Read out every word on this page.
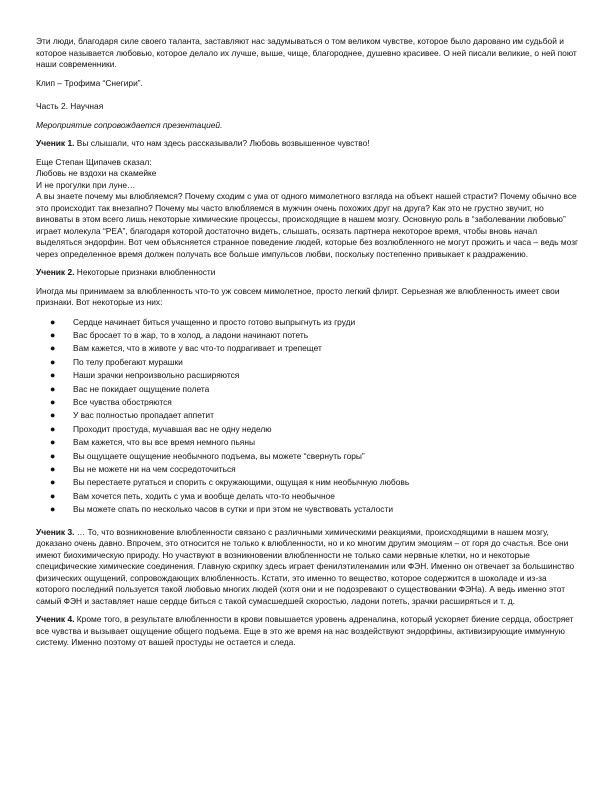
Эти люди, благодаря силе своего таланта, заставляют нас задумываться о том великом чувстве, которое было дарованo им судьбой и которое называется любовью, которое делало их лучше, выше, чище, благороднее, душевно красивее. О ней писали великие, о ней поют наши современники.

Клип – Трофима “Снегири”.

Часть 2. Научная

Мероприятие сопровождается презентацией.

Ученик 1. Вы слышали, что нам здесь рассказывали? Любовь возвышенное чувство!

Еще Степан Щипачев сказал:
Любовь не вздохи на скамейке
И не прогулки при луне…
А вы знаете почему мы влюбляемся? Почему сходим с ума от одного мимолетного взгляда на объект нашей страсти? Почему обычно все это происходит так внезапно? Почему мы часто влюбляемся в мужчин очень похожих друг на друга? Как это не грустно звучит, но виноваты в этом всего лишь некоторые химические процессы, происходящие в нашем мозгу. Основную роль в “заболевании любовью” играет молекула “PEA”, благодаря которой достаточно видеть, слышать, осязать партнера некоторое время, чтобы вновь начал выделяться эндорфин. Вот чем объясняется странное поведение людей, которые без возлюбленного не могут прожить и часа – ведь мозг через определенное время должен получать все больше импульсов любви, поскольку постепенно привыкает к раздражению.

Ученик 2. Некоторые признаки влюбленности

Иногда мы принимаем за влюбленность что-то уж совсем мимолетное, просто легкий флирт. Серьезная же влюбленность имеет свои признаки. Вот некоторые из них:

● Сердце начинает биться учащенно и просто готово выпрыгнуть из груди
● Вас бросает то в жар, то в холод, а ладони начинают потеть
● Вам кажется, что в животе у вас что-то подрагивает и трепещет
● По телу пробегают мурашки
● Наши зрачки непроизвольно расширяются
● Вас не покидает ощущение полета
● Все чувства обостряются
● У вас полностью пропадает аппетит
● Проходит простуда, мучавшая вас не одну неделю
● Вам кажется, что вы все время немного пьяны
● Вы ощущаете ощущение необычного подъема, вы можете “свернуть горы”
● Вы не можете ни на чем сосредоточиться
● Вы перестаете ругаться и спорить с окружающими, ощущая к ним необычную любовь
● Вам хочется петь, ходить с ума и вообще делать что-то необычное
● Вы можете спать по несколько часов в сутки и при этом не чувствовать усталости

Ученик 3. … То, что возникновение влюбленности связано с различными химическими реакциями, происходящими в нашем мозгу, доказано очень давно. Впрочем, это относится не только к влюбленности, но и ко многим другим эмоциям – от горя до счастья. Все они имеют биохимическую природу. Но участвуют в возникновении влюбленности не только сами нервные клетки, но и некоторые специфические химические соединения. Главную скрипку здесь играет фенилэтиленамин или ФЭН. Именно он отвечает за большинство физических ощущений, сопровождающих влюбленность. Кстати, это именно то вещество, которое содержится в шоколаде и из-за которого последний пользуется такой любовью многих людей (хотя они и не подозревают о существовании ФЭНа). А ведь именно этот самый ФЭН и заставляет наше сердце биться с такой сумасшедшей скоростью, ладони потеть, зрачки расширяться и т. д.

Ученик 4. Кроме того, в результате влюбленности в крови повышается уровень адреналина, который ускоряет биение сердца, обостряет все чувства и вызывает ощущение общего подъема. Еще в это же время на нас воздействуют эндорфины, активизирующие иммунную систему. Именно поэтому от вашей простуды не остается и следа.
